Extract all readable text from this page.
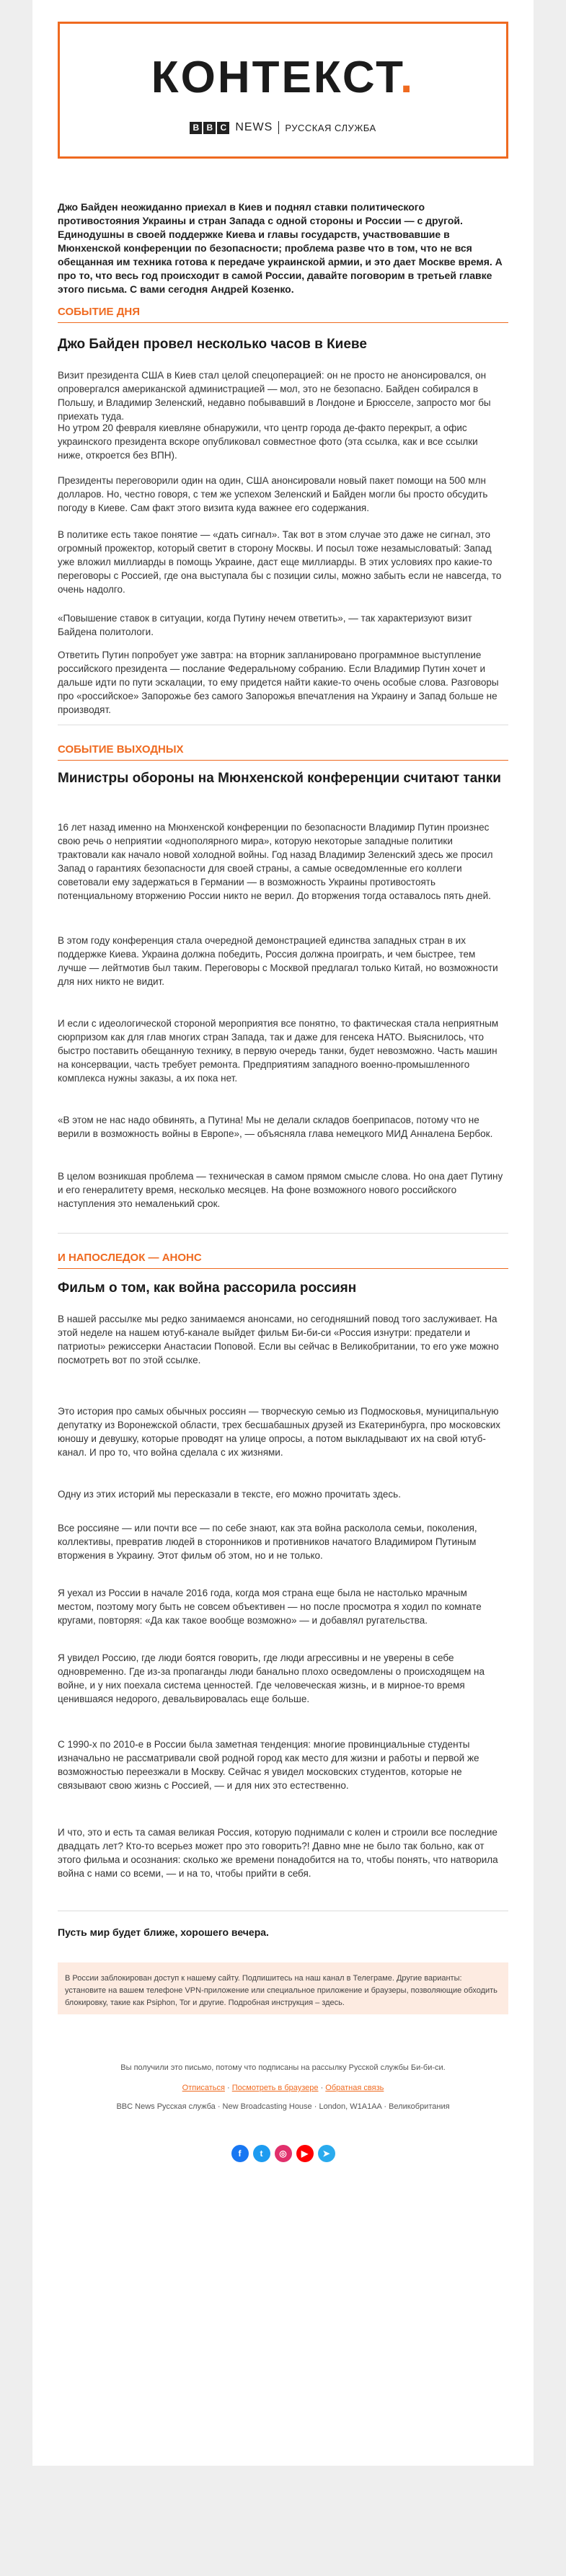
КОНТЕКСТ.
B B C NEWS РУССКАЯ СЛУЖБА

Джо Байден неожиданно приехал в Киев и поднял ставки политического противостояния Украины и стран Запада с одной стороны и России — с другой. Единодушны в своей поддержке Киева и главы государств, участвовавшие в Мюнхенской конференции по безопасности; проблема разве что в том, что не вся обещанная им техника готова к передаче украинской армии, и это дает Москве время. А про то, что весь год происходит в самой России, давайте поговорим в третьей главке этого письма. С вами сегодня Андрей Козенко.

СОБЫТИЕ ДНЯ
Джо Байден провел несколько часов в Киеве

Визит президента США в Киев стал целой спецоперацией: он не просто не анонсировался, он опровергался американской администрацией — мол, это не безопасно. Байден собирался в Польшу, и Владимир Зеленский, недавно побывавший в Лондоне и Брюсселе, запросто мог бы приехать туда.

Но утром 20 февраля киевляне обнаружили, что центр города де-факто перекрыт, а офис украинского президента вскоре опубликовал совместное фото (эта ссылка, как и все ссылки ниже, откроется без ВПН).

Президенты переговорили один на один, США анонсировали новый пакет помощи на 500 млн долларов. Но, честно говоря, с тем же успехом Зеленский и Байден могли бы просто обсудить погоду в Киеве. Сам факт этого визита куда важнее его содержания.

В политике есть такое понятие — «дать сигнал». Так вот в этом случае это даже не сигнал, это огромный прожектор, который светит в сторону Москвы. И посыл тоже незамысловатый: Запад уже вложил миллиарды в помощь Украине, даст еще миллиарды. В этих условиях про какие-то переговоры с Россией, где она выступала бы с позиции силы, можно забыть если не навсегда, то очень надолго.

«Повышение ставок в ситуации, когда Путину нечем ответить», — так характеризуют визит Байдена политологи.

Ответить Путин попробует уже завтра: на вторник запланировано программное выступление российского президента — послание Федеральному собранию. Если Владимир Путин хочет и дальше идти по пути эскалации, то ему придется найти какие-то очень особые слова. Разговоры про «российское» Запорожье без самого Запорожья впечатления на Украину и Запад больше не производят.

СОБЫТИЕ ВЫХОДНЫХ
Министры обороны на Мюнхенской конференции считают танки

16 лет назад именно на Мюнхенской конференции по безопасности Владимир Путин произнес свою речь о неприятии «однополярного мира», которую некоторые западные политики трактовали как начало новой холодной войны. Год назад Владимир Зеленский здесь же просил Запад о гарантиях безопасности для своей страны, а самые осведомленные его коллеги советовали ему задержаться в Германии — в возможность Украины противостоять потенциальному вторжению России никто не верил. До вторжения тогда оставалось пять дней.

В этом году конференция стала очередной демонстрацией единства западных стран в их поддержке Киева. Украина должна победить, Россия должна проиграть, и чем быстрее, тем лучше — лейтмотив был таким. Переговоры с Москвой предлагал только Китай, но возможности для них никто не видит.

И если с идеологической стороной мероприятия все понятно, то фактическая стала неприятным сюрпризом как для глав многих стран Запада, так и даже для генсека НАТО. Выяснилось, что быстро поставить обещанную технику, в первую очередь танки, будет невозможно. Часть машин на консервации, часть требует ремонта. Предприятиям западного военно-промышленного комплекса нужны заказы, а их пока нет.

«В этом не нас надо обвинять, а Путина! Мы не делали складов боеприпасов, потому что не верили в возможность войны в Европе», — объясняла глава немецкого МИД Анналена Бербок.

В целом возникшая проблема — техническая в самом прямом смысле слова. Но она дает Путину и его генералитету время, несколько месяцев. На фоне возможного нового российского наступления это немаленький срок.

И НАПОСЛЕДОК — АНОНС
Фильм о том, как война рассорила россиян

В нашей рассылке мы редко занимаемся анонсами, но сегодняшний повод того заслуживает. На этой неделе на нашем ютуб-канале выйдет фильм Би-би-си «Россия изнутри: предатели и патриоты» режиссерки Анастасии Поповой. Если вы сейчас в Великобритании, то его уже можно посмотреть вот по этой ссылке.

Это история про самых обычных россиян — творческую семью из Подмосковья, муниципальную депутатку из Воронежской области, трех бесшабашных друзей из Екатеринбурга, про московских юношу и девушку, которые проводят на улице опросы, а потом выкладывают их на свой ютуб-канал. И про то, что война сделала с их жизнями.

Одну из этих историй мы пересказали в тексте, его можно прочитать здесь.

Все россияне — или почти все — по себе знают, как эта война расколола семьи, поколения, коллективы, превратив людей в сторонников и противников начатого Владимиром Путиным вторжения в Украину. Этот фильм об этом, но и не только.

Я уехал из России в начале 2016 года, когда моя страна еще была не настолько мрачным местом, поэтому могу быть не совсем объективен — но после просмотра я ходил по комнате кругами, повторяя: «Да как такое вообще возможно» — и добавлял ругательства.

Я увидел Россию, где люди боятся говорить, где люди агрессивны и не уверены в себе одновременно. Где из-за пропаганды люди банально плохо осведомлены о происходящем на войне, и у них поехала система ценностей. Где человеческая жизнь, и в мирное-то время ценившаяся недорого, девальвировалась еще больше.

С 1990-х по 2010-е в России была заметная тенденция: многие провинциальные студенты изначально не рассматривали свой родной город как место для жизни и работы и первой же возможностью переезжали в Москву. Сейчас я увидел московских студентов, которые не связывают свою жизнь с Россией, — и для них это естественно.

И что, это и есть та самая великая Россия, которую поднимали с колен и строили все последние двадцать лет? Кто-то всерьез может про это говорить?! Давно мне не было так больно, как от этого фильма и осознания: сколько же времени понадобится на то, чтобы понять, что натворила война с нами со всеми, — и на то, чтобы прийти в себя.

Пусть мир будет ближе, хорошего вечера.
В России заблокирован доступ к нашему сайту. Подпишитесь на наш канал в Телеграме. Другие варианты: установите на вашем телефоне VPN-приложение или специальное приложение и браузеры, позволяющие обходить блокировку, такие как Psiphon, Tor и другие. Подробная инструкция – здесь.
Вы получили это письмо, потому что подписаны на рассылку Русской службы Би-би-си.
Отписаться · Посмотреть в браузере · Обратная связь
BBC News Русская служба · New Broadcasting House · London, W1A1AA · Великобритания
f	t	◎	▶	➤
